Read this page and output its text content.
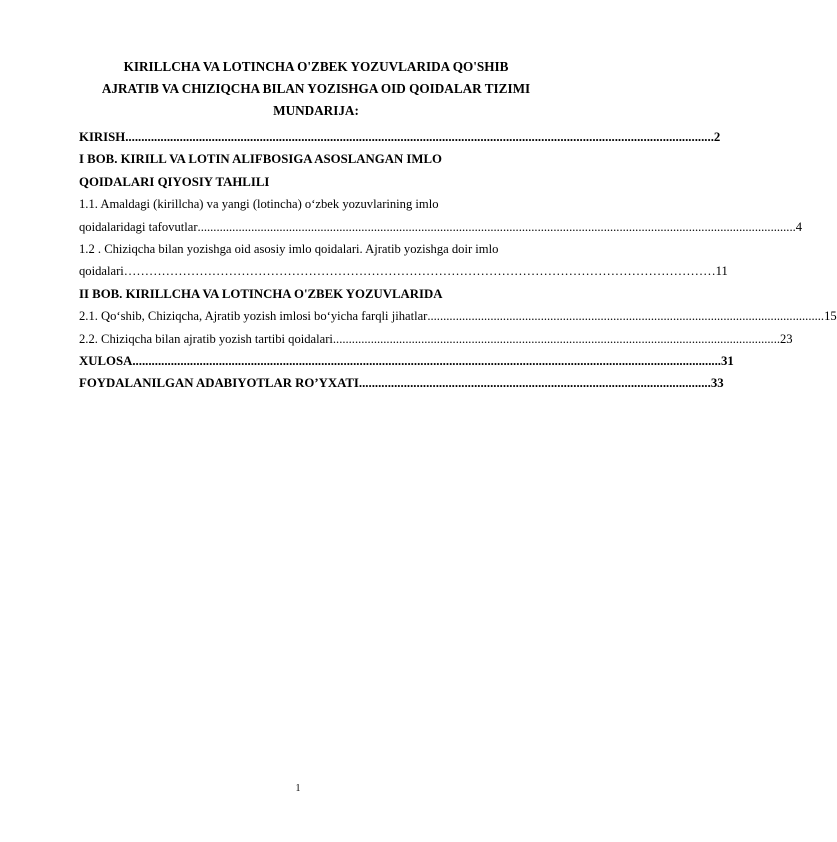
KIRILLCHA VA LOTINCHA O'ZBEK YOZUVLARIDA QO'SHIB
AJRATIB VA CHIZIQCHA BILAN YOZISHGA OID QOIDALAR TIZIMI
MUNDARIJA:
KIRISH ........................................................................................................................................................................................ 2
I BOB. KIRILL VA LOTIN ALIFBOSIGA ASOSLANGAN IMLO
QOIDALARI QIYOSIY TAHLILI
1.1. Amaldagi (kirillcha) va yangi (lotincha) o‘zbek yozuvlarining imlo
qoidalaridagi tafovutlar .............................................................................................................................................................................................. 4
1.2 . Chiziqcha bilan yozishga oid asosiy imlo qoidalari. Ajratib yozishga doir imlo
qoidalari …………………………………………………………………………………………………………………………… 11
II BOB. KIRILLCHA VA LOTINCHA O'ZBEK YOZUVLARIDA
2.1. Qo‘shib, Chiziqcha, Ajratib yozish imlosi bo‘yicha farqli jihatlar .............................................................................................................................. 15
2.2. Chiziqcha bilan ajratib yozish tartibi qoidalari .............................................................................................................................................. 23
XULOSA ........................................................................................................................................................................................ 31
FOYDALANILGAN ADABIYOTLAR RO’YXATI .............................................................................................................. 33
1
